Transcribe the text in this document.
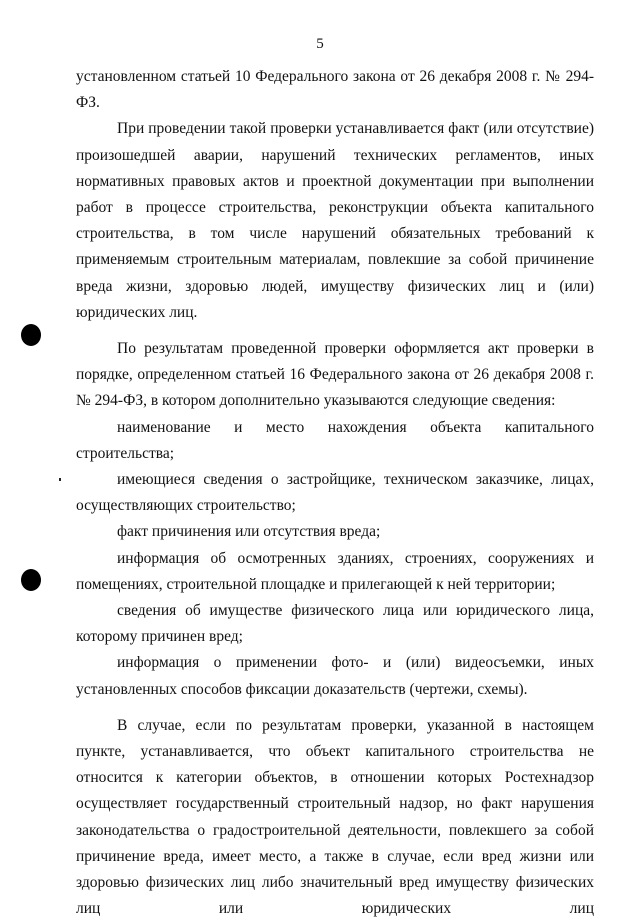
5

установленном статьей 10 Федерального закона от 26 декабря 2008 г. № 294-ФЗ.

При проведении такой проверки устанавливается факт (или отсутствие) произошедшей аварии, нарушений технических регламентов, иных нормативных правовых актов и проектной документации при выполнении работ в процессе строительства, реконструкции объекта капитального строительства, в том числе нарушений обязательных требований к применяемым строительным материалам, повлекшие за собой причинение вреда жизни, здоровью людей, имуществу физических лиц и (или) юридических лиц.

По результатам проведенной проверки оформляется акт проверки в порядке, определенном статьей 16 Федерального закона от 26 декабря 2008 г. № 294-ФЗ, в котором дополнительно указываются следующие сведения:

наименование и место нахождения объекта капитального строительства;

имеющиеся сведения о застройщике, техническом заказчике, лицах, осуществляющих строительство;

факт причинения или отсутствия вреда;

информация об осмотренных зданиях, строениях, сооружениях и помещениях, строительной площадке и прилегающей к ней территории;

сведения об имуществе физического лица или юридического лица, которому причинен вред;

информация о применении фото- и (или) видеосъемки, иных установленных способов фиксации доказательств (чертежи, схемы).

В случае, если по результатам проверки, указанной в настоящем пункте, устанавливается, что объект капитального строительства не относится к категории объектов, в отношении которых Ростехнадзор осуществляет государственный строительный надзор, но факт нарушения законодательства о градостроительной деятельности, повлекшего за собой причинение вреда, имеет место, а также в случае, если вред жизни или здоровью физических лиц либо значительный вред имуществу физических лиц или юридических лиц
